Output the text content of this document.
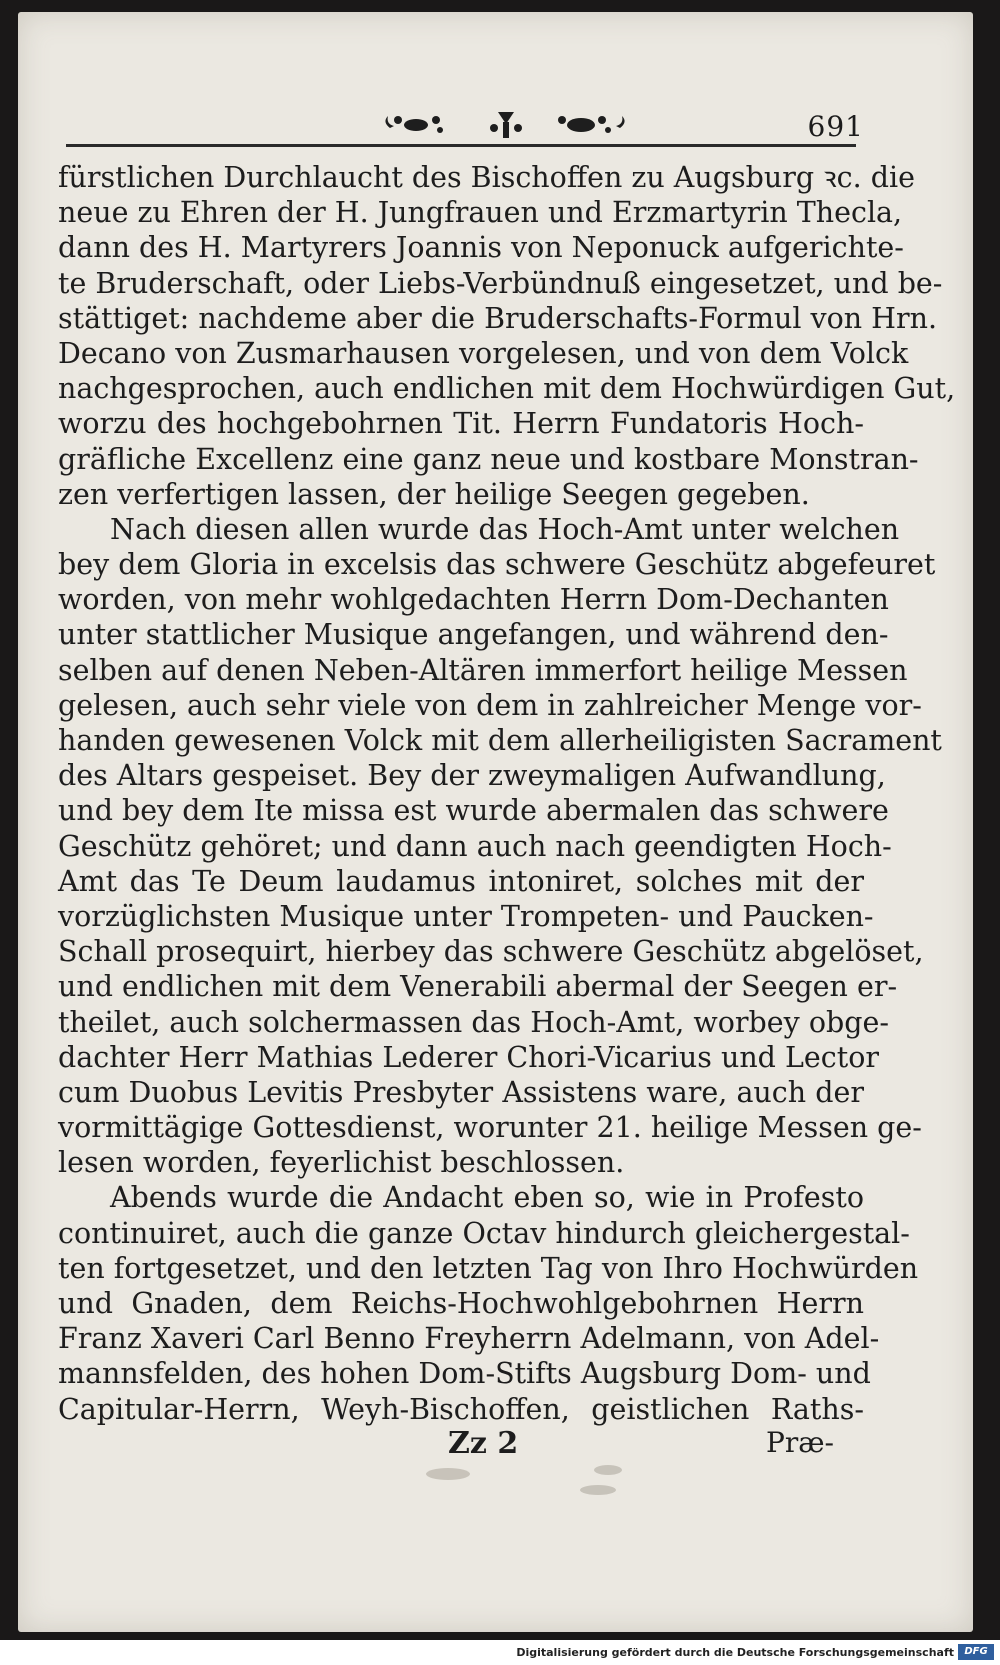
691
fürstlichen Durchlaucht des Bischoffen zu Augsburg ꝛc. die
neue zu Ehren der H. Jungfrauen und Erzmartyrin Thecla,
dann des H. Martyrers Joannis von Neponuck aufgerichte-
te Bruderschaft, oder Liebs-Verbündnuß eingesetzet, und be-
stättiget: nachdeme aber die Bruderschafts-Formul von Hrn.
Decano von Zusmarhausen vorgelesen, und von dem Volck
nachgesprochen, auch endlichen mit dem Hochwürdigen Gut,
worzu des hochgebohrnen Tit. Herrn Fundatoris Hoch-
gräfliche Excellenz eine ganz neue und kostbare Monstran-
zen verfertigen lassen, der heilige Seegen gegeben.
Nach diesen allen wurde das Hoch-Amt unter welchen
bey dem Gloria in excelsis das schwere Geschütz abgefeuret
worden, von mehr wohlgedachten Herrn Dom-Dechanten
unter stattlicher Musique angefangen, und während den-
selben auf denen Neben-Altären immerfort heilige Messen
gelesen, auch sehr viele von dem in zahlreicher Menge vor-
handen gewesenen Volck mit dem allerheiligisten Sacrament
des Altars gespeiset. Bey der zweymaligen Aufwandlung,
und bey dem Ite missa est wurde abermalen das schwere
Geschütz gehöret; und dann auch nach geendigten Hoch-
Amt das Te Deum laudamus intoniret, solches mit der
vorzüglichsten Musique unter Trompeten- und Paucken-
Schall prosequirt, hierbey das schwere Geschütz abgelöset,
und endlichen mit dem Venerabili abermal der Seegen er-
theilet, auch solchermassen das Hoch-Amt, worbey obge-
dachter Herr Mathias Lederer Chori-Vicarius und Lector
cum Duobus Levitis Presbyter Assistens ware, auch der
vormittägige Gottesdienst, worunter 21. heilige Messen ge-
lesen worden, feyerlichist beschlossen.
Abends wurde die Andacht eben so, wie in Profesto
continuiret, auch die ganze Octav hindurch gleichergestal-
ten fortgesetzet, und den letzten Tag von Ihro Hochwürden
und Gnaden, dem Reichs-Hochwohlgebohrnen Herrn
Franz Xaveri Carl Benno Freyherrn Adelmann, von Adel-
mannsfelden, des hohen Dom-Stifts Augsburg Dom- und
Capitular-Herrn, Weyh-Bischoffen, geistlichen Raths-
Zz 2	Præ-
Digitalisierung gefördert durch die Deutsche Forschungsgemeinschaft	DFG
